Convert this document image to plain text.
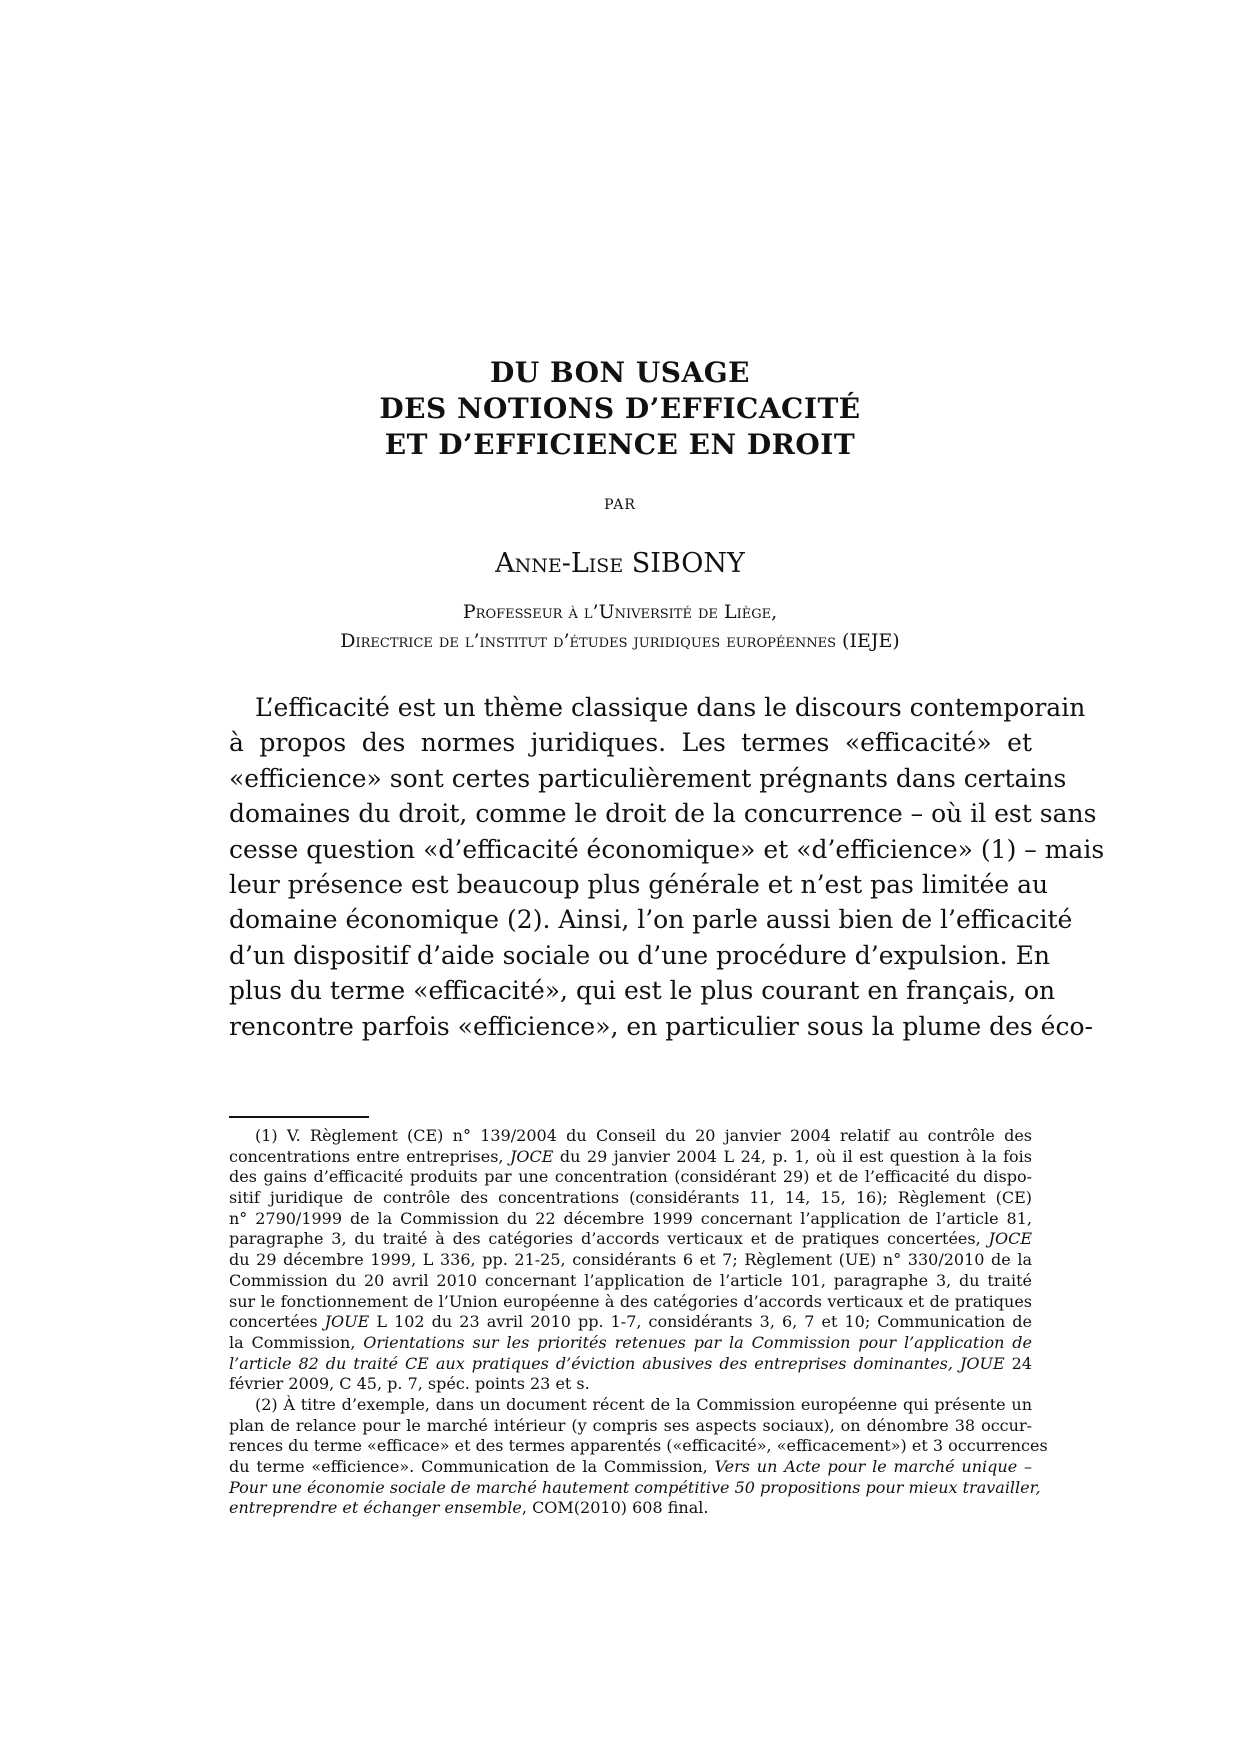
DU BON USAGE
DES NOTIONS D’EFFICACITÉ
ET D’EFFICIENCE EN DROIT
PAR
Anne-Lise SIBONY
Professeur à l’Université de Liège,
Directrice de l’institut d’études juridiques européennes (IEJE)
L’efficacité est un thème classique dans le discours contemporain
à propos des normes juridiques. Les termes «efficacité» et
«efficience» sont certes particulièrement prégnants dans certains
domaines du droit, comme le droit de la concurrence – où il est sans
cesse question «d’efficacité économique» et «d’efficience» (1) – mais
leur présence est beaucoup plus générale et n’est pas limitée au
domaine économique (2). Ainsi, l’on parle aussi bien de l’efficacité
d’un dispositif d’aide sociale ou d’une procédure d’expulsion. En
plus du terme «efficacité», qui est le plus courant en français, on
rencontre parfois «efficience», en particulier sous la plume des éco-
(1) V. Règlement (CE) n° 139/2004 du Conseil du 20 janvier 2004 relatif au contrôle des
concentrations entre entreprises, JOCE du 29 janvier 2004 L 24, p. 1, où il est question à la fois
des gains d’efficacité produits par une concentration (considérant 29) et de l’efficacité du dispo-
sitif juridique de contrôle des concentrations (considérants 11, 14, 15, 16); Règlement (CE)
n° 2790/1999 de la Commission du 22 décembre 1999 concernant l’application de l’article 81,
paragraphe 3, du traité à des catégories d’accords verticaux et de pratiques concertées, JOCE
du 29 décembre 1999, L 336, pp. 21-25, considérants 6 et 7; Règlement (UE) n° 330/2010 de la
Commission du 20 avril 2010 concernant l’application de l’article 101, paragraphe 3, du traité
sur le fonctionnement de l’Union européenne à des catégories d’accords verticaux et de pratiques
concertées JOUE L 102 du 23 avril 2010 pp. 1-7, considérants 3, 6, 7 et 10; Communication de
la Commission, Orientations sur les priorités retenues par la Commission pour l’application de
l’article 82 du traité CE aux pratiques d’éviction abusives des entreprises dominantes, JOUE 24
février 2009, C 45, p. 7, spéc. points 23 et s.
(2) À titre d’exemple, dans un document récent de la Commission européenne qui présente un
plan de relance pour le marché intérieur (y compris ses aspects sociaux), on dénombre 38 occur-
rences du terme «efficace» et des termes apparentés («efficacité», «efficacement») et 3 occurrences
du terme «efficience». Communication de la Commission, Vers un Acte pour le marché unique –
Pour une économie sociale de marché hautement compétitive 50 propositions pour mieux travailler,
entreprendre et échanger ensemble, COM(2010) 608 final.
